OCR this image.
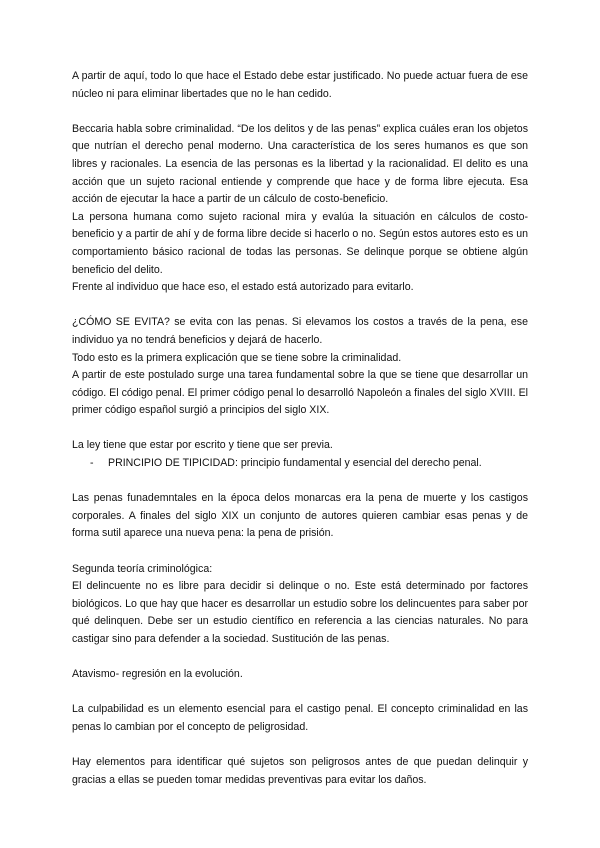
A partir de aquí, todo lo que hace el Estado debe estar justificado. No puede actuar fuera de ese núcleo ni para eliminar libertades que no le han cedido.

Beccaria habla sobre criminalidad. “De los delitos y de las penas” explica cuáles eran los objetos que nutrían el derecho penal moderno. Una característica de los seres humanos es que son libres y racionales. La esencia de las personas es la libertad y la racionalidad. El delito es una acción que un sujeto racional entiende y comprende que hace y de forma libre ejecuta. Esa acción de ejecutar la hace a partir de un cálculo de costo-beneficio.

La persona humana como sujeto racional mira y evalúa la situación en cálculos de costo-beneficio y a partir de ahí y de forma libre decide si hacerlo o no. Según estos autores esto es un comportamiento básico racional de todas las personas. Se delinque porque se obtiene algún beneficio del delito.

Frente al individuo que hace eso, el estado está autorizado para evitarlo.

¿CÓMO SE EVITA? se evita con las penas. Si elevamos los costos a través de la pena, ese individuo ya no tendrá beneficios y dejará de hacerlo.

Todo esto es la primera explicación que se tiene sobre la criminalidad.

A partir de este postulado surge una tarea fundamental sobre la que se tiene que desarrollar un código. El código penal. El primer código penal lo desarrolló Napoleón a finales del siglo XVIII. El primer código español surgió a principios del siglo XIX.

La ley tiene que estar por escrito y tiene que ser previa.

-	PRINCIPIO DE TIPICIDAD: principio fundamental y esencial del derecho penal.

Las penas funademntales en la época delos monarcas era la pena de muerte y los castigos corporales. A finales del siglo XIX un conjunto de autores quieren cambiar esas penas y de forma sutil aparece una nueva pena: la pena de prisión.

Segunda teoría criminológica:

El delincuente no es libre para decidir si delinque o no. Este está determinado por factores biológicos. Lo que hay que hacer es desarrollar un estudio sobre los delincuentes para saber por qué delinquen. Debe ser un estudio científico en referencia a las ciencias naturales. No para castigar sino para defender a la sociedad. Sustitución de las penas.

Atavismo- regresión en la evolución.

La culpabilidad es un elemento esencial para el castigo penal. El concepto criminalidad en las penas lo cambian por el concepto de peligrosidad.

Hay elementos para identificar qué sujetos son peligrosos antes de que puedan delinquir y gracias a ellas se pueden tomar medidas preventivas para evitar los daños.
